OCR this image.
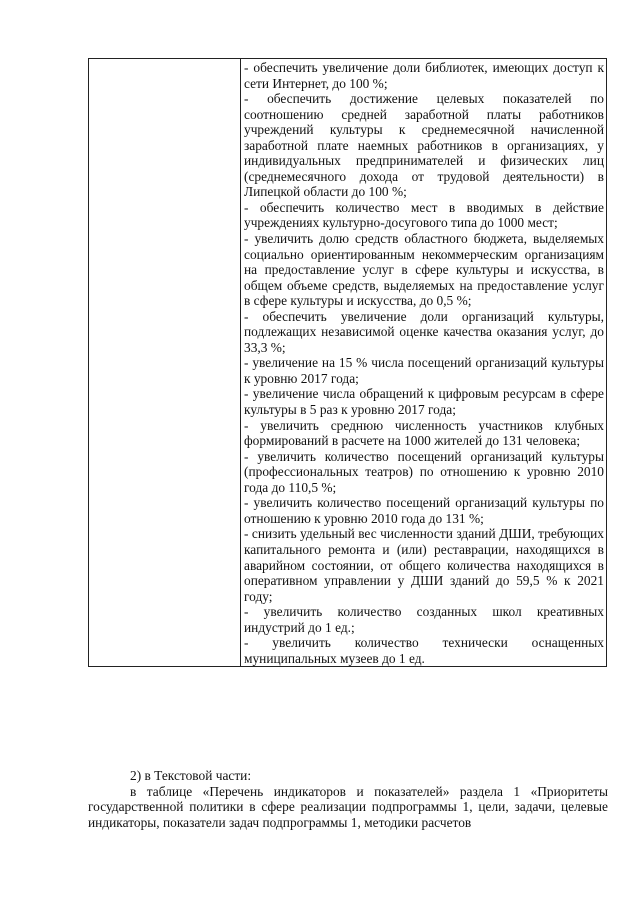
- обеспечить увеличение доли библиотек, имеющих доступ к сети Интернет, до 100 %;

- обеспечить достижение целевых показателей по соотношению средней заработной платы работников учреждений культуры к среднемесячной начисленной заработной плате наемных работников в организациях, у индивидуальных предпринимателей и физических лиц (среднемесячного дохода от трудовой деятельности) в Липецкой области до 100 %;

- обеспечить количество мест в вводимых в действие учреждениях культурно-досугового типа до 1000 мест;

- увеличить долю средств областного бюджета, выделяемых социально ориентированным некоммерческим организациям на предоставление услуг в сфере культуры и искусства, в общем объеме средств, выделяемых на предоставление услуг в сфере культуры и искусства, до 0,5 %;

- обеспечить увеличение доли организаций культуры, подлежащих независимой оценке качества оказания услуг, до 33,3 %;

- увеличение на 15 % числа посещений организаций культуры к уровню 2017 года;

- увеличение числа обращений к цифровым ресурсам в сфере культуры в 5 раз к уровню 2017 года;

- увеличить среднюю численность участников клубных формирований в расчете на 1000 жителей до 131 человека;

- увеличить количество посещений организаций культуры (профессиональных театров) по отношению к уровню 2010 года до 110,5 %;

- увеличить количество посещений организаций культуры по отношению к уровню 2010 года до 131 %;

- снизить удельный вес численности зданий ДШИ, требующих капитального ремонта и (или) реставрации, находящихся в аварийном состоянии, от общего количества находящихся в оперативном управлении у ДШИ зданий до 59,5 % к 2021 году;

- увеличить количество созданных школ креативных индустрий до 1 ед.;

- увеличить количество технически оснащенных муниципальных музеев до 1 ед.

2) в Текстовой части:

в таблице «Перечень индикаторов и показателей» раздела 1 «Приоритеты государственной политики в сфере реализации подпрограммы 1, цели, задачи, целевые индикаторы, показатели задач подпрограммы 1, методики расчетов
